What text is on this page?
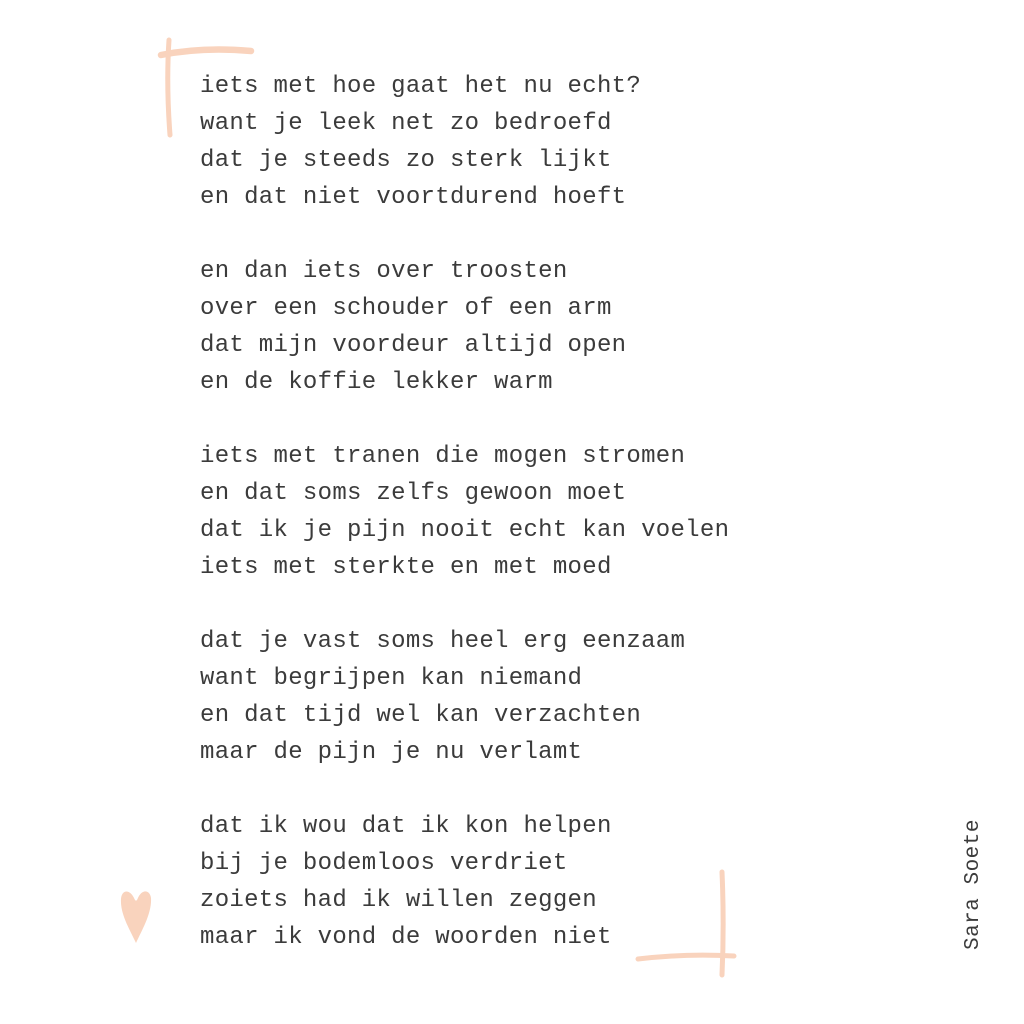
iets met hoe gaat het nu echt?
want je leek net zo bedroefd
dat je steeds zo sterk lijkt
en dat niet voortdurend hoeft
en dan iets over troosten
over een schouder of een arm
dat mijn voordeur altijd open
en de koffie lekker warm
iets met tranen die mogen stromen
en dat soms zelfs gewoon moet
dat ik je pijn nooit echt kan voelen
iets met sterkte en met moed
dat je vast soms heel erg eenzaam
want begrijpen kan niemand
en dat tijd wel kan verzachten
maar de pijn je nu verlamt
dat ik wou dat ik kon helpen
bij je bodemloos verdriet
zoiets had ik willen zeggen
maar ik vond de woorden niet	Sara Soete
